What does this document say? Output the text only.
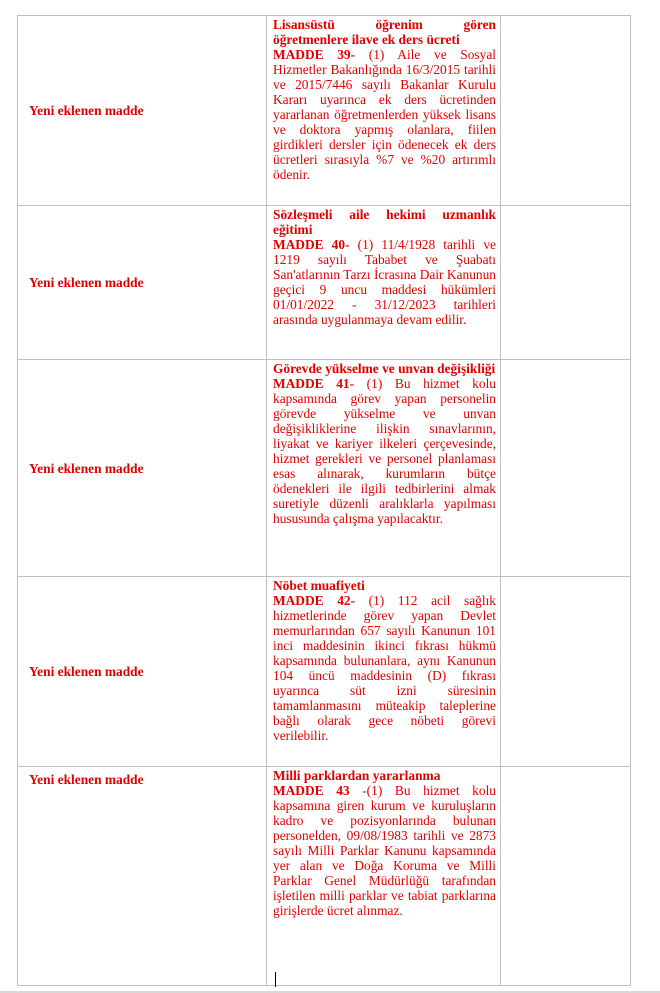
Yeni eklenen madde	Lisansüstü öğrenim gören öğretmenlere ilave ek ders ücreti
MADDE 39- (1) Aile ve Sosyal Hizmetler Bakanlığında 16/3/2015 tarihli ve 2015/7446 sayılı Bakanlar Kurulu Kararı uyarınca ek ders ücretinden yararlanan öğretmenlerden yüksek lisans ve doktora yapmış olanlara, fiilen girdikleri dersler için ödenecek ek ders ücretleri sırasıyla %7 ve %20 artırımlı ödenir.	

Yeni eklenen madde	Sözleşmeli aile hekimi uzmanlık eğitimi
MADDE 40- (1) 11/4/1928 tarihli ve 1219 sayılı Tababet ve Şuabatı San'atlarının Tarzı İcrasına Dair Kanunun geçici 9 uncu maddesi hükümleri 01/01/2022 - 31/12/2023 tarihleri arasında uygulanmaya devam edilir.	

Yeni eklenen madde	Görevde yükselme ve unvan değişikliği
MADDE 41- (1) Bu hizmet kolu kapsamında görev yapan personelin görevde yükselme ve unvan değişikliklerine ilişkin sınavlarının, liyakat ve kariyer ilkeleri çerçevesinde, hizmet gerekleri ve personel planlaması esas alınarak, kurumların bütçe ödenekleri ile ilgili tedbirlerini almak suretiyle düzenli aralıklarla yapılması hususunda çalışma yapılacaktır.	

Yeni eklenen madde	Nöbet muafiyeti
MADDE 42- (1) 112 acil sağlık hizmetlerinde görev yapan Devlet memurlarından 657 sayılı Kanunun 101 inci maddesinin ikinci fıkrası hükmü kapsamında bulunanlara, aynı Kanunun 104 üncü maddesinin (D) fıkrası uyarınca süt izni süresinin tamamlanmasını müteakip taleplerine bağlı olarak gece nöbeti görevi verilebilir.	

Yeni eklenen madde	Milli parklardan yararlanma
MADDE 43 -(1) Bu hizmet kolu kapsamına giren kurum ve kuruluşların kadro ve pozisyonlarında bulunan personelden, 09/08/1983 tarihli ve 2873 sayılı Milli Parklar Kanunu kapsamında yer alan ve Doğa Koruma ve Milli Parklar Genel Müdürlüğü tarafından işletilen milli parklar ve tabiat parklarına girişlerde ücret alınmaz.	
